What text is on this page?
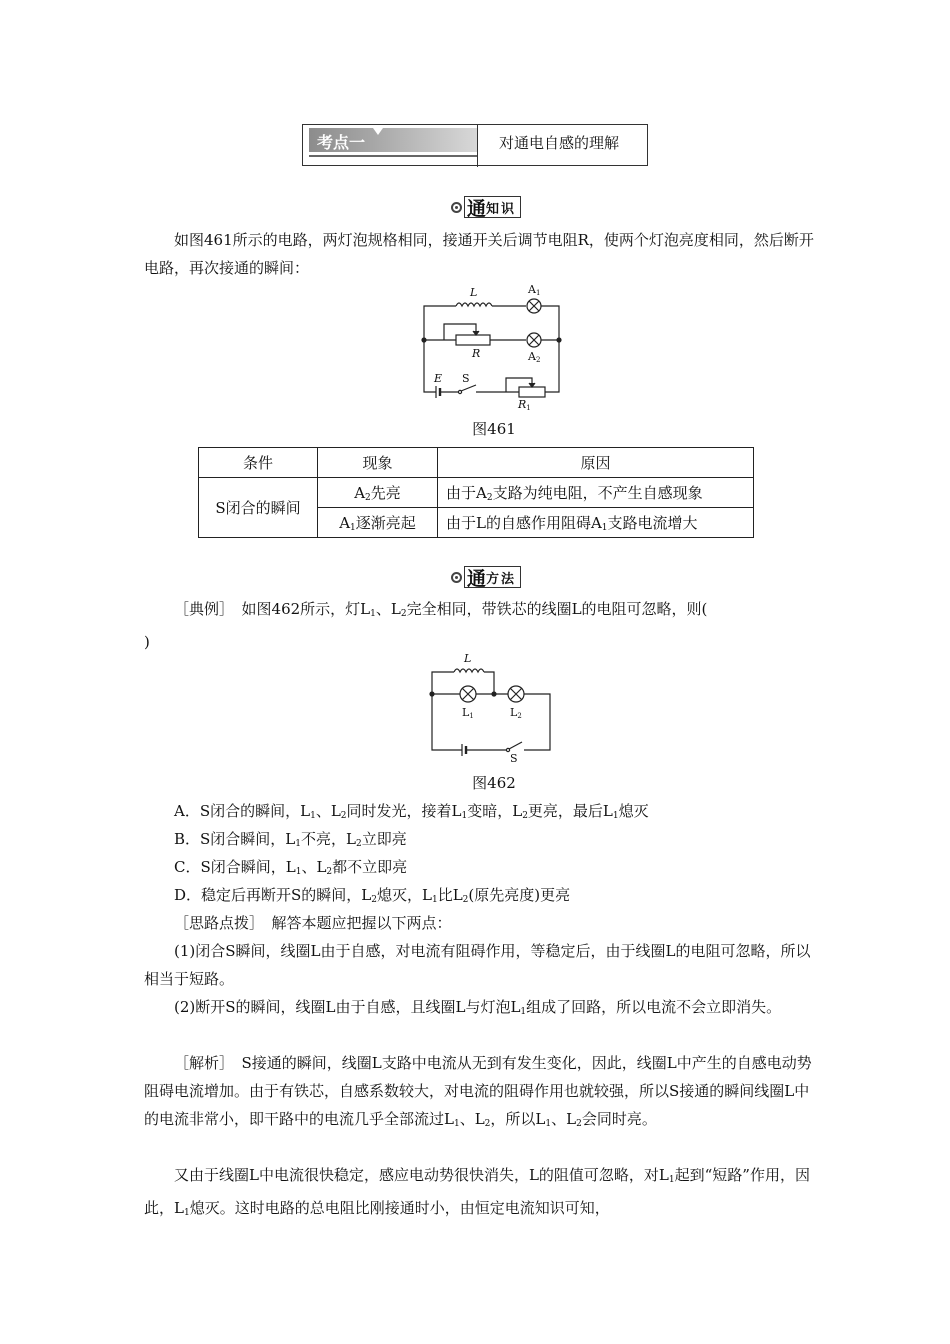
考点一	对通电自感的理解
通 知识
如图461所示的电路，两灯泡规格相同，接通开关后调节电阻R，使两个灯泡亮度相同，然后断开电路，再次接通的瞬间：
L
R
E
R1
A1
A2
S
图461
条件	现象	原因
S闭合的瞬间	$A_2$先亮	由于$A_2$支路为纯电阻，不产生自感现象
	$A_1$逐渐亮起	由于L的自感作用阻碍$A_1$支路电流增大
通 方法
［典例］　 如图462所示，灯$L_1$、$L_2$完全相同，带铁芯的线圈L的电阻可忽略，则(
)
L
L1	L2
S
图462
A．S闭合的瞬间，$L_1$、$L_2$同时发光，接着$L_1$变暗，$L_2$更亮，最后$L_1$熄灭
B．S闭合瞬间，$L_1$不亮，$L_2$立即亮
C．S闭合瞬间，$L_1$、$L_2$都不立即亮
D．稳定后再断开S的瞬间，$L_2$熄灭，$L_1$比$L_2$(原先亮度)更亮
［思路点拨］　解答本题应把握以下两点：
(1)闭合S瞬间，线圈L由于自感，对电流有阻碍作用，等稳定后，由于线圈L的电阻可忽略，所以相当于短路。
(2)断开S的瞬间，线圈L由于自感，且线圈L与灯泡$L_1$组成了回路，所以电流不会立即消失。
［解析］　S接通的瞬间，线圈L支路中电流从无到有发生变化，因此，线圈L中产生的自感电动势阻碍电流增加。由于有铁芯，自感系数较大，对电流的阻碍作用也就较强，所以S接通的瞬间线圈L中的电流非常小，即干路中的电流几乎全部流过$L_1$、$L_2$，所以$L_1$、$L_2$会同时亮。
又由于线圈L中电流很快稳定，感应电动势很快消失，L的阻值可忽略，对$L_1$起到“短路”作用，因此，$L_1$熄灭。这时电路的总电阻比刚接通时小，由恒定电流知识可知，
